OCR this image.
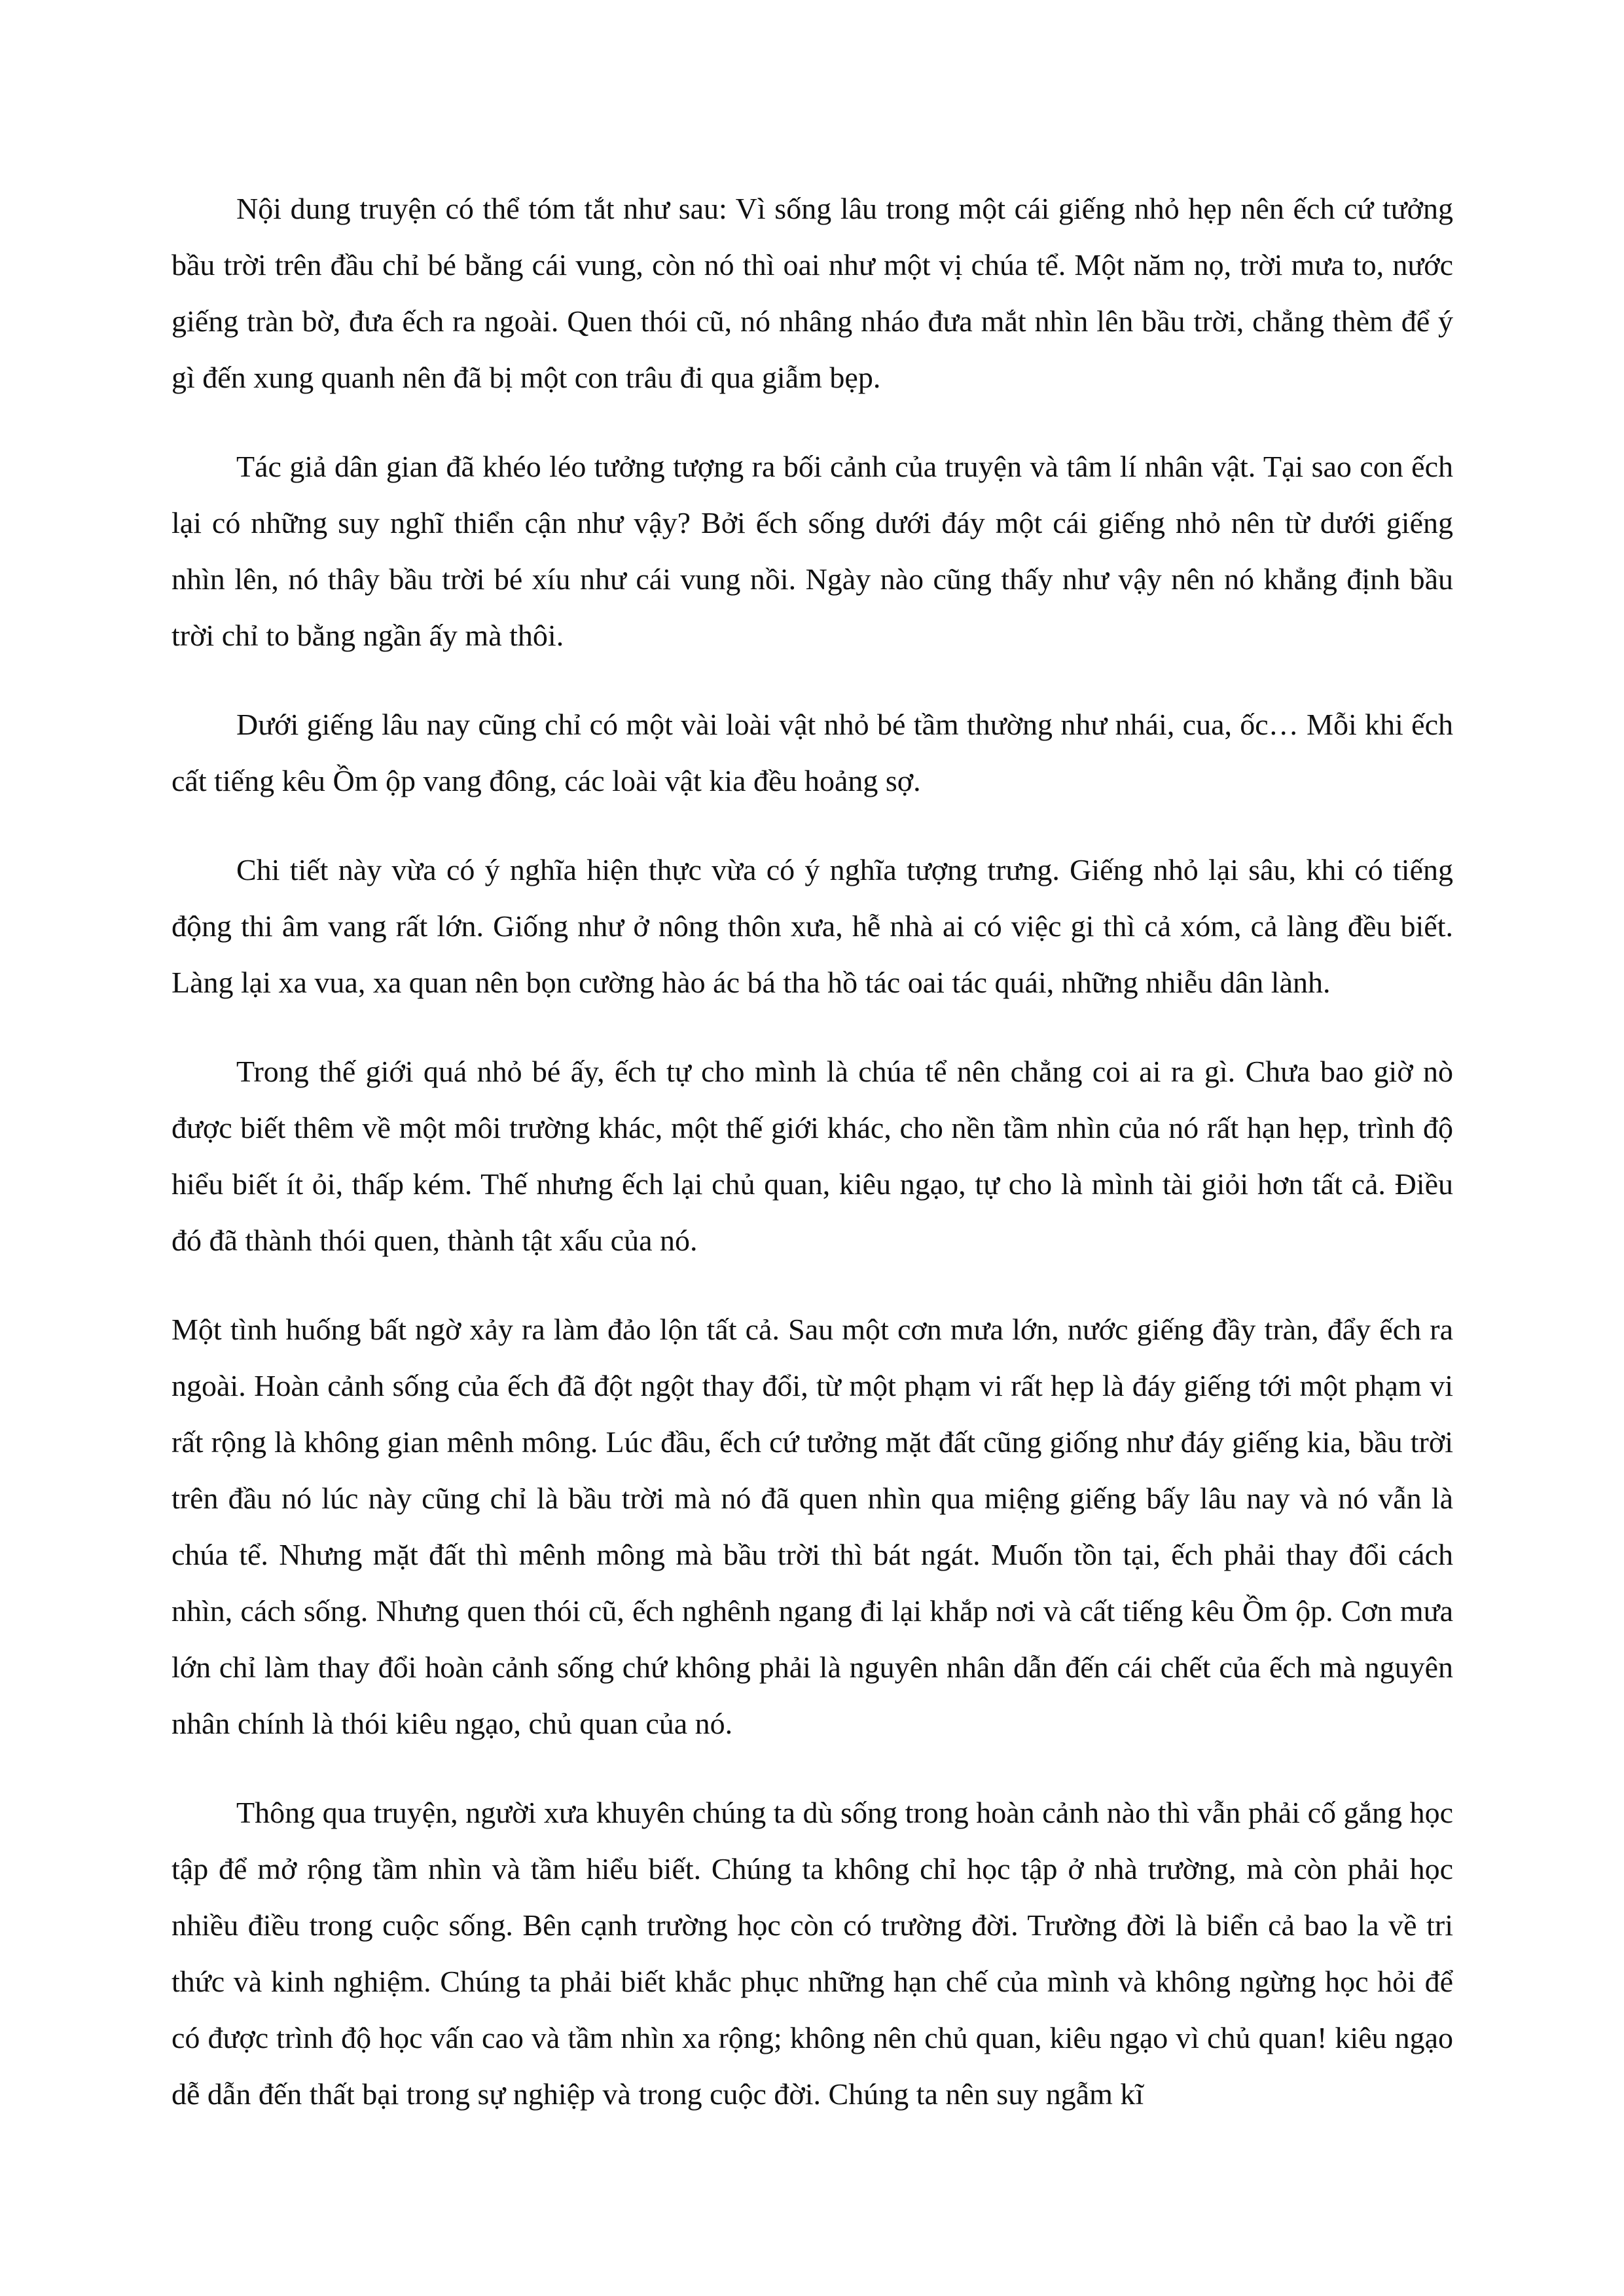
Nội dung truyện có thể tóm tắt như sau: Vì sống lâu trong một cái giếng nhỏ hẹp nên ếch cứ tưởng bầu trời trên đầu chỉ bé bằng cái vung, còn nó thì oai như một vị chúa tể. Một năm nọ, trời mưa to, nước giếng tràn bờ, đưa ếch ra ngoài. Quen thói cũ, nó nhâng nháo đưa mắt nhìn lên bầu trời, chẳng thèm để ý gì đến xung quanh nên đã bị một con trâu đi qua giẫm bẹp.

Tác giả dân gian đã khéo léo tưởng tượng ra bối cảnh của truyện và tâm lí nhân vật. Tại sao con ếch lại có những suy nghĩ thiển cận như vậy? Bởi ếch sống dưới đáy một cái giếng nhỏ nên từ dưới giếng nhìn lên, nó thây bầu trời bé xíu như cái vung nồi. Ngày nào cũng thấy như vậy nên nó khẳng định bầu trời chỉ to bằng ngần ấy mà thôi.

Dưới giếng lâu nay cũng chỉ có một vài loài vật nhỏ bé tầm thường như nhái, cua, ốc… Mỗi khi ếch cất tiếng kêu Ồm ộp vang đông, các loài vật kia đều hoảng sợ.

Chi tiết này vừa có ý nghĩa hiện thực vừa có ý nghĩa tượng trưng. Giếng nhỏ lại sâu, khi có tiếng động thi âm vang rất lớn. Giống như ở nông thôn xưa, hễ nhà ai có việc gi thì cả xóm, cả làng đều biết. Làng lại xa vua, xa quan nên bọn cường hào ác bá tha hồ tác oai tác quái, những nhiễu dân lành.

Trong thế giới quá nhỏ bé ấy, ếch tự cho mình là chúa tể nên chẳng coi ai ra gì. Chưa bao giờ nò được biết thêm về một môi trường khác, một thế giới khác, cho nền tầm nhìn của nó rất hạn hẹp, trình độ hiểu biết ít ỏi, thấp kém. Thế nhưng ếch lại chủ quan, kiêu ngạo, tự cho là mình tài giỏi hơn tất cả. Điều đó đã thành thói quen, thành tật xấu của nó.

Một tình huống bất ngờ xảy ra làm đảo lộn tất cả. Sau một cơn mưa lớn, nước giếng đầy tràn, đẩy ếch ra ngoài. Hoàn cảnh sống của ếch đã đột ngột thay đổi, từ một phạm vi rất hẹp là đáy giếng tới một phạm vi rất rộng là không gian mênh mông. Lúc đầu, ếch cứ tưởng mặt đất cũng giống như đáy giếng kia, bầu trời trên đầu nó lúc này cũng chỉ là bầu trời mà nó đã quen nhìn qua miệng giếng bấy lâu nay và nó vẫn là chúa tể. Nhưng mặt đất thì mênh mông mà bầu trời thì bát ngát. Muốn tồn tại, ếch phải thay đổi cách nhìn, cách sống. Nhưng quen thói cũ, ếch nghênh ngang đi lại khắp nơi và cất tiếng kêu Ồm ộp. Cơn mưa lớn chỉ làm thay đổi hoàn cảnh sống chứ không phải là nguyên nhân dẫn đến cái chết của ếch mà nguyên nhân chính là thói kiêu ngạo, chủ quan của nó.

Thông qua truyện, người xưa khuyên chúng ta dù sống trong hoàn cảnh nào thì vẫn phải cố gắng học tập để mở rộng tầm nhìn và tầm hiểu biết. Chúng ta không chỉ học tập ở nhà trường, mà còn phải học nhiều điều trong cuộc sống. Bên cạnh trường học còn có trường đời. Trường đời là biển cả bao la về tri thức và kinh nghiệm. Chúng ta phải biết khắc phục những hạn chế của mình và không ngừng học hỏi để có được trình độ học vấn cao và tầm nhìn xa rộng; không nên chủ quan, kiêu ngạo vì chủ quan! kiêu ngạo dễ dẫn đến thất bại trong sự nghiệp và trong cuộc đời. Chúng ta nên suy ngẫm kĩ
